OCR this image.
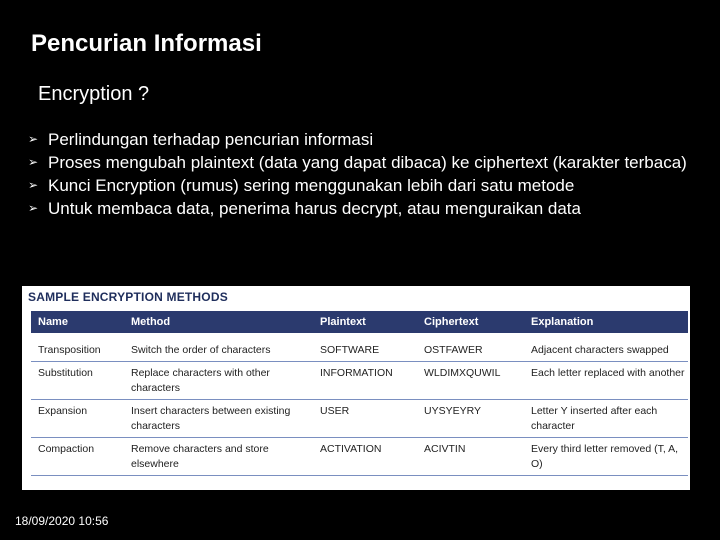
Pencurian Informasi
Encryption ?
➢ Perlindungan terhadap pencurian informasi
➢ Proses mengubah plaintext (data yang dapat dibaca) ke ciphertext (karakter terbaca)
➢ Kunci Encryption (rumus) sering menggunakan lebih dari satu metode
➢ Untuk membaca data, penerima harus decrypt, atau menguraikan data
SAMPLE ENCRYPTION METHODS
Name	Method	Plaintext	Ciphertext	Explanation
Transposition	Switch the order of characters	SOFTWARE	OSTFAWER	Adjacent characters swapped
Substitution	Replace characters with other characters	INFORMATION	WLDIMXQUWIL	Each letter replaced with another
Expansion	Insert characters between existing characters	USER	UYSYEYRY	Letter Y inserted after each character
Compaction	Remove characters and store elsewhere	ACTIVATION	ACIVTIN	Every third letter removed (T, A, O)
18/09/2020 10:56
